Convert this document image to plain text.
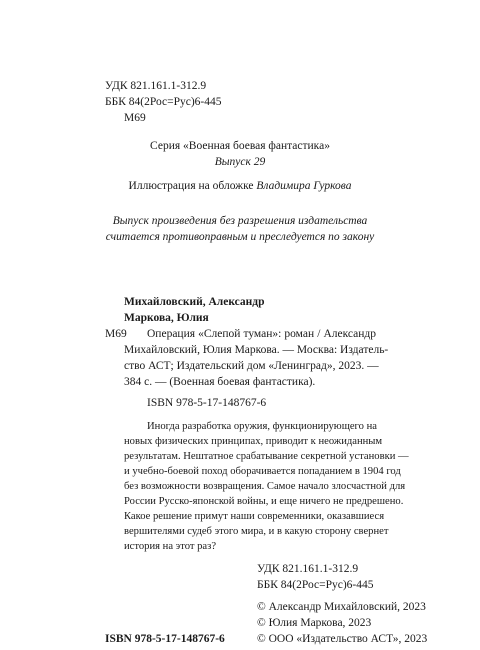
УДК 821.161.1-312.9
ББК 84(2Рос=Рус)6-445
М69
Серия «Военная боевая фантастика»
Выпуск 29
Иллюстрация на обложке Владимира Гуркова
Выпуск произведения без разрешения издательства
считается противоправным и преследуется по закону
Михайловский, Александр
Маркова, Юлия
М69 Операция «Слепой туман»: роман / Александр
Михайловский, Юлия Маркова. — Москва: Издатель-
ство АСТ; Издательский дом «Ленинград», 2023. —
384 с. — (Военная боевая фантастика).
ISBN 978-5-17-148767-6
Иногда разработка оружия, функционирующего на
новых физических принципах, приводит к неожиданным
результатам. Нештатное срабатывание секретной установки —
и учебно-боевой поход оборачивается попаданием в 1904 год
без возможности возвращения. Самое начало злосчастной для
России Русско-японской войны, и еще ничего не предрешено.
Какое решение примут наши современники, оказавшиеся
вершителями судеб этого мира, и в какую сторону свернет
история на этот раз?
УДК 821.161.1-312.9
ББК 84(2Рос=Рус)6-445
© Александр Михайловский, 2023
© Юлия Маркова, 2023
© ООО «Издательство АСТ», 2023
ISBN 978-5-17-148767-6
